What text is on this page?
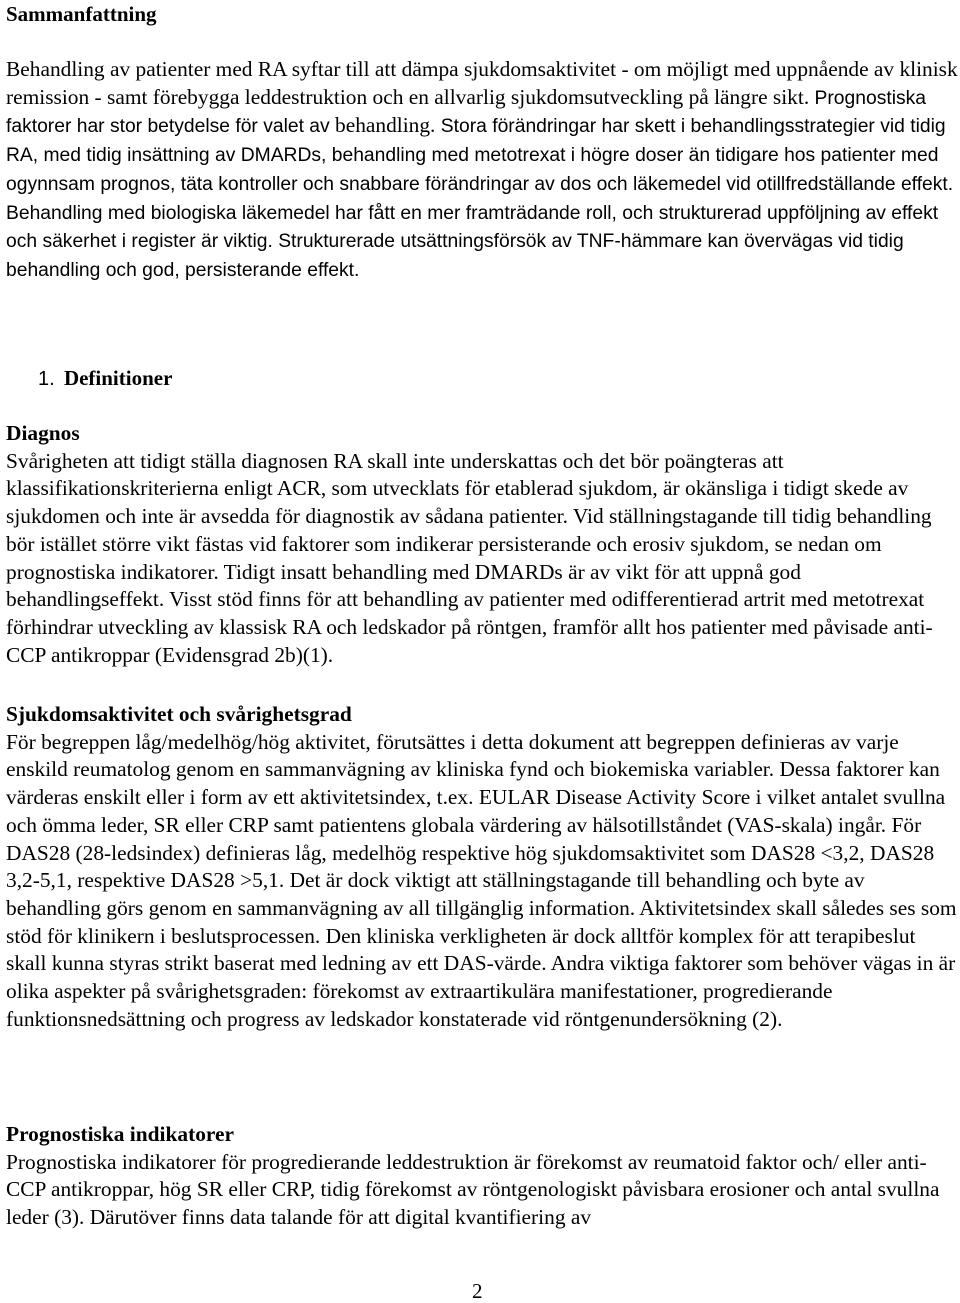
Sammanfattning

Behandling av patienter med RA syftar till att dämpa sjukdomsaktivitet - om möjligt med uppnående av klinisk remission - samt förebygga leddestruktion och en allvarlig sjukdomsutveckling på längre sikt. Prognostiska faktorer har stor betydelse för valet av behandling. Stora förändringar har skett i behandlingsstrategier vid tidig RA, med tidig insättning av DMARDs, behandling med metotrexat i högre doser än tidigare hos patienter med ogynnsam prognos, täta kontroller och snabbare förändringar av dos och läkemedel vid otillfredställande effekt. Behandling med biologiska läkemedel har fått en mer framträdande roll, och strukturerad uppföljning av effekt och säkerhet i register är viktig. Strukturerade utsättningsförsök av TNF-hämmare kan övervägas vid tidig behandling och god, persisterande effekt.

1. Definitioner

Diagnos
Svårigheten att tidigt ställa diagnosen RA skall inte underskattas och det bör poängteras att klassifikationskriterierna enligt ACR, som utvecklats för etablerad sjukdom, är okänsliga i tidigt skede av sjukdomen och inte är avsedda för diagnostik av sådana patienter. Vid ställningstagande till tidig behandling bör istället större vikt fästas vid faktorer som indikerar persisterande och erosiv sjukdom, se nedan om prognostiska indikatorer. Tidigt insatt behandling med DMARDs är av vikt för att uppnå god behandlingseffekt. Visst stöd finns för att behandling av patienter med odifferentierad artrit med metotrexat förhindrar utveckling av klassisk RA och ledskador på röntgen, framför allt hos patienter med påvisade anti-CCP antikroppar (Evidensgrad 2b)(1).

Sjukdomsaktivitet och svårighetsgrad
För begreppen låg/medelhög/hög aktivitet, förutsättes i detta dokument att begreppen definieras av varje enskild reumatolog genom en sammanvägning av kliniska fynd och biokemiska variabler. Dessa faktorer kan värderas enskilt eller i form av ett aktivitetsindex, t.ex. EULAR Disease Activity Score i vilket antalet svullna och ömma leder, SR eller CRP samt patientens globala värdering av hälsotillståndet (VAS-skala) ingår. För DAS28 (28-ledsindex) definieras låg, medelhög respektive hög sjukdomsaktivitet som DAS28 <3,2, DAS28 3,2-5,1, respektive DAS28 >5,1. Det är dock viktigt att ställningstagande till behandling och byte av behandling görs genom en sammanvägning av all tillgänglig information. Aktivitetsindex skall således ses som stöd för klinikern i beslutsprocessen. Den kliniska verkligheten är dock alltför komplex för att terapibeslut skall kunna styras strikt baserat med ledning av ett DAS-värde. Andra viktiga faktorer som behöver vägas in är olika aspekter på svårighetsgraden: förekomst av extraartikulära manifestationer, progredierande funktionsnedsättning och progress av ledskador konstaterade vid röntgenundersökning (2).

Prognostiska indikatorer
Prognostiska indikatorer för progredierande leddestruktion är förekomst av reumatoid faktor och/ eller anti-CCP antikroppar, hög SR eller CRP, tidig förekomst av röntgenologiskt påvisbara erosioner och antal svullna leder (3). Därutöver finns data talande för att digital kvantifiering av

2
